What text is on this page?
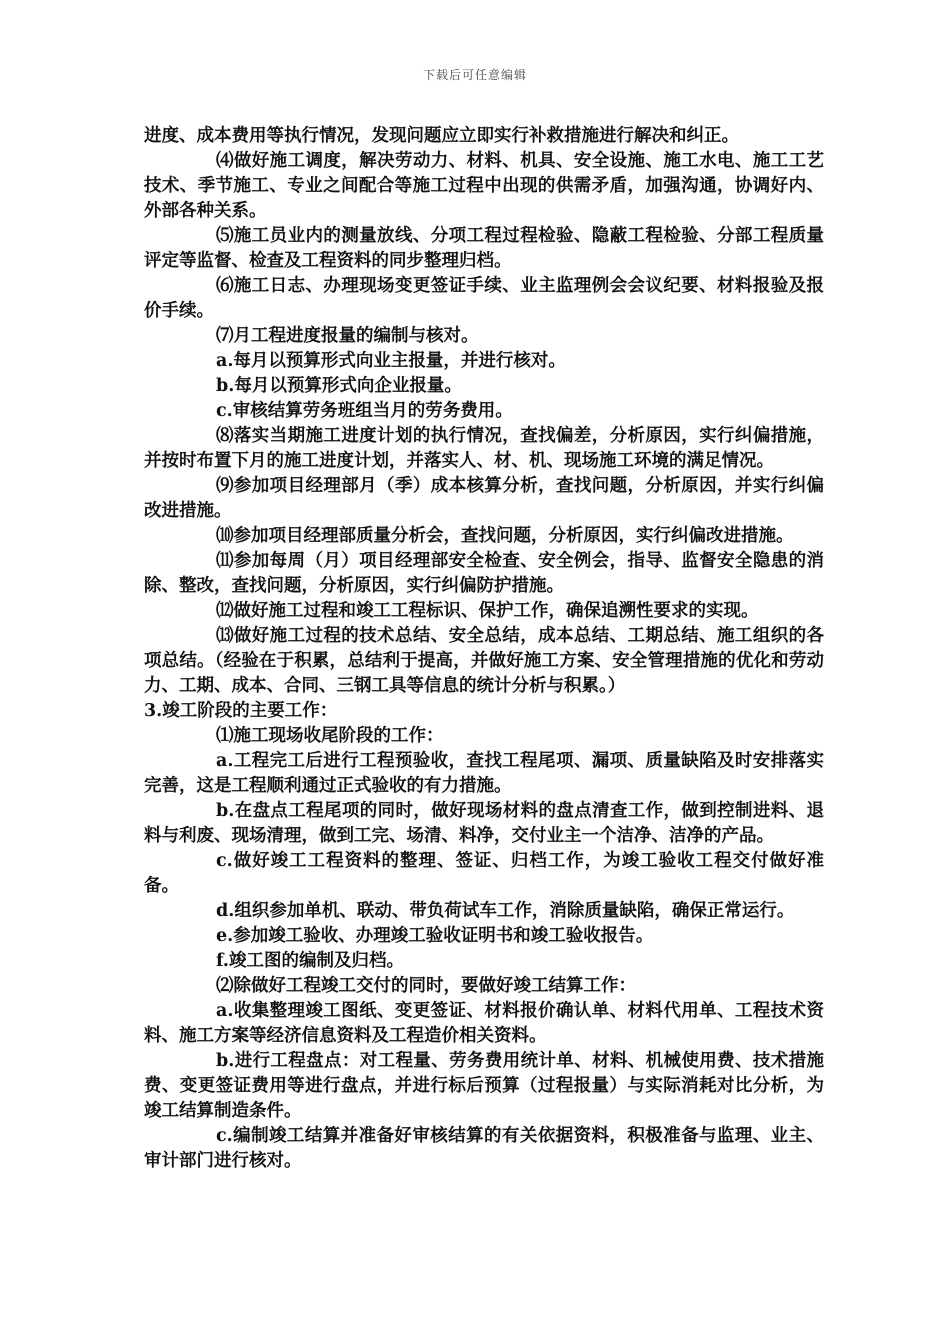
下载后可任意编辑

进度、成本费用等执行情况，发现问题应立即实行补救措施进行解决和纠正。

⑷做好施工调度，解决劳动力、材料、机具、安全设施、施工水电、施工工艺技术、季节施工、专业之间配合等施工过程中出现的供需矛盾，加强沟通，协调好内、外部各种关系。

⑸施工员业内的测量放线、分项工程过程检验、隐蔽工程检验、分部工程质量评定等监督、检查及工程资料的同步整理归档。

⑹施工日志、办理现场变更签证手续、业主监理例会会议纪要、材料报验及报价手续。

⑺月工程进度报量的编制与核对。

a.每月以预算形式向业主报量，并进行核对。

b.每月以预算形式向企业报量。

c.审核结算劳务班组当月的劳务费用。

⑻落实当期施工进度计划的执行情况，查找偏差，分析原因，实行纠偏措施，并按时布置下月的施工进度计划，并落实人、材、机、现场施工环境的满足情况。

⑼参加项目经理部月（季）成本核算分析，查找问题，分析原因，并实行纠偏改进措施。

⑽参加项目经理部质量分析会，查找问题，分析原因，实行纠偏改进措施。

⑾参加每周（月）项目经理部安全检查、安全例会，指导、监督安全隐患的消除、整改，查找问题，分析原因，实行纠偏防护措施。

⑿做好施工过程和竣工工程标识、保护工作，确保追溯性要求的实现。

⒀做好施工过程的技术总结、安全总结，成本总结、工期总结、施工组织的各项总结。（经验在于积累，总结利于提高，并做好施工方案、安全管理措施的优化和劳动力、工期、成本、合同、三钢工具等信息的统计分析与积累。）

3.竣工阶段的主要工作：

⑴施工现场收尾阶段的工作：

a.工程完工后进行工程预验收，查找工程尾项、漏项、质量缺陷及时安排落实完善，这是工程顺利通过正式验收的有力措施。

b.在盘点工程尾项的同时，做好现场材料的盘点清查工作，做到控制进料、退料与利废、现场清理，做到工完、场清、料净，交付业主一个洁净、洁净的产品。

c.做好竣工工程资料的整理、签证、归档工作，为竣工验收工程交付做好准备。

d.组织参加单机、联动、带负荷试车工作，消除质量缺陷，确保正常运行。

e.参加竣工验收、办理竣工验收证明书和竣工验收报告。

f.竣工图的编制及归档。

⑵除做好工程竣工交付的同时，要做好竣工结算工作：

a.收集整理竣工图纸、变更签证、材料报价确认单、材料代用单、工程技术资料、施工方案等经济信息资料及工程造价相关资料。

b.进行工程盘点：对工程量、劳务费用统计单、材料、机械使用费、技术措施费、变更签证费用等进行盘点，并进行标后预算（过程报量）与实际消耗对比分析，为竣工结算制造条件。

c.编制竣工结算并准备好审核结算的有关依据资料，积极准备与监理、业主、审计部门进行核对。
